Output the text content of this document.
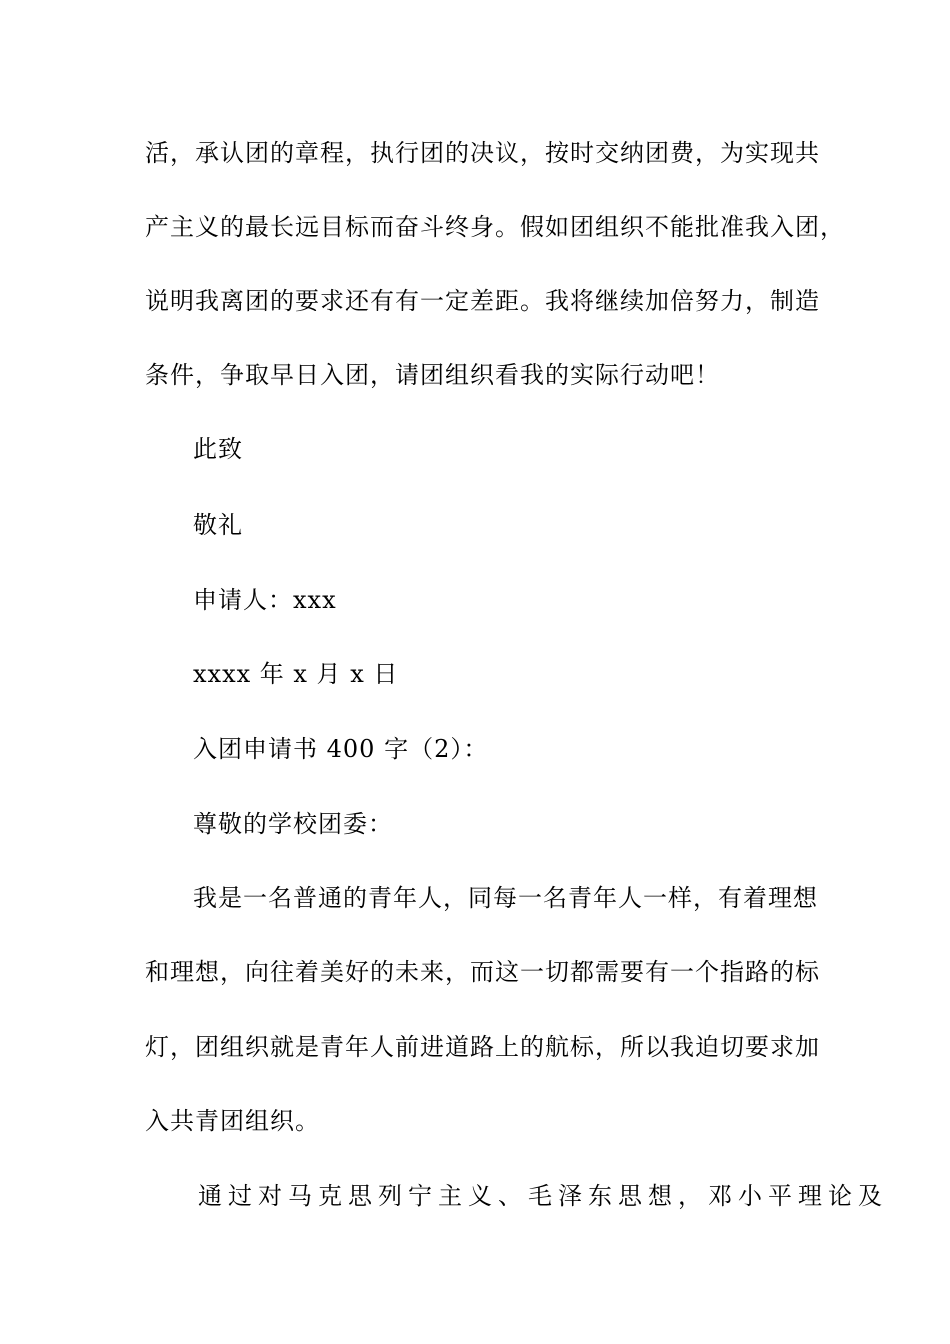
活，承认团的章程，执行团的决议，按时交纳团费，为实现共
产主义的最长远目标而奋斗终身。假如团组织不能批准我入团，
说明我离团的要求还有有一定差距。我将继续加倍努力，制造
条件，争取早日入团，请团组织看我的实际行动吧！
此致
敬礼
申请人：xxx
xxxx 年 x 月 x 日
入团申请书 400 字（2）：
尊敬的学校团委：
我是一名普通的青年人，同每一名青年人一样，有着理想
和理想，向往着美好的未来，而这一切都需要有一个指路的标
灯，团组织就是青年人前进道路上的航标，所以我迫切要求加
入共青团组织。
通过对马克思列宁主义、毛泽东思想，邓小平理论及
